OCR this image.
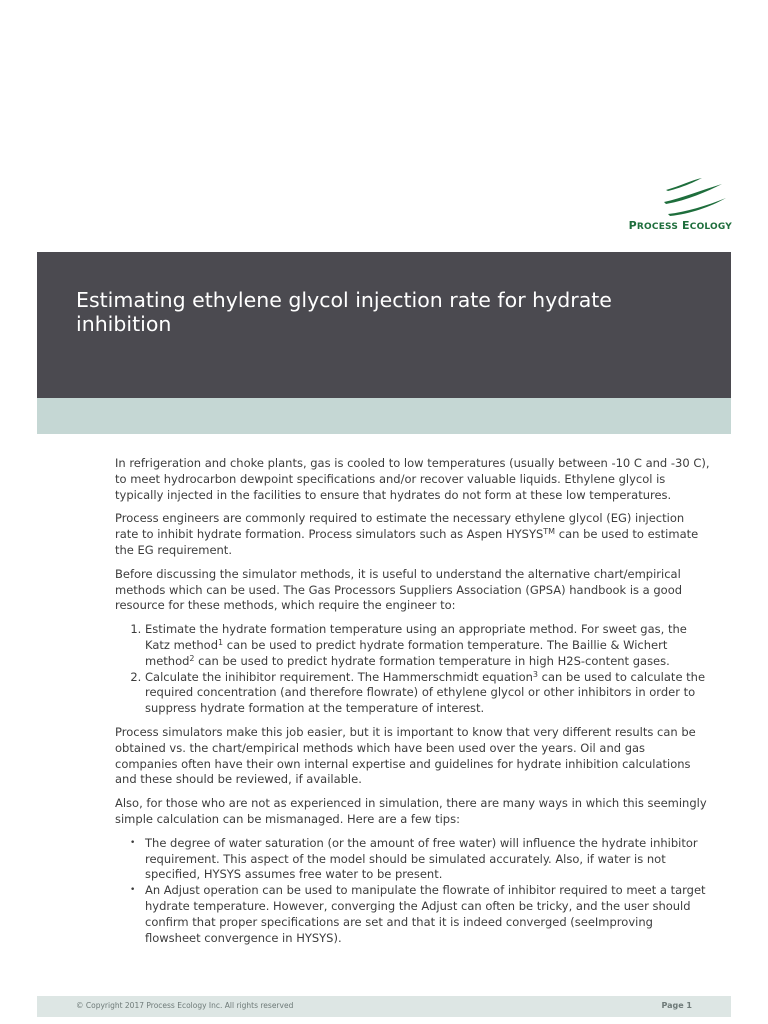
PROCESS ECOLOGY
Estimating ethylene glycol injection rate for hydrate inhibition

In refrigeration and choke plants, gas is cooled to low temperatures (usually between -10 C and -30 C), to meet hydrocarbon dewpoint specifications and/or recover valuable liquids. Ethylene glycol is typically injected in the facilities to ensure that hydrates do not form at these low temperatures.

Process engineers are commonly required to estimate the necessary ethylene glycol (EG) injection rate to inhibit hydrate formation. Process simulators such as Aspen HYSYS™ can be used to estimate the EG requirement.

Before discussing the simulator methods, it is useful to understand the alternative chart/empirical methods which can be used. The Gas Processors Suppliers Association (GPSA) handbook is a good resource for these methods, which require the engineer to:

1. Estimate the hydrate formation temperature using an appropriate method. For sweet gas, the Katz method$^1$ can be used to predict hydrate formation temperature. The Baillie & Wichert method$^2$ can be used to predict hydrate formation temperature in high H2S-content gases.
2. Calculate the inihibitor requirement. The Hammerschmidt equation$^3$ can be used to calculate the required concentration (and therefore flowrate) of ethylene glycol or other inhibitors in order to suppress hydrate formation at the temperature of interest.

Process simulators make this job easier, but it is important to know that very different results can be obtained vs. the chart/empirical methods which have been used over the years. Oil and gas companies often have their own internal expertise and guidelines for hydrate inhibition calculations and these should be reviewed, if available.

Also, for those who are not as experienced in simulation, there are many ways in which this seemingly simple calculation can be mismanaged. Here are a few tips:

• The degree of water saturation (or the amount of free water) will influence the hydrate inhibitor requirement. This aspect of the model should be simulated accurately. Also, if water is not specified, HYSYS assumes free water to be present.
• An Adjust operation can be used to manipulate the flowrate of inhibitor required to meet a target hydrate temperature. However, converging the Adjust can often be tricky, and the user should confirm that proper specifications are set and that it is indeed converged (seeImproving flowsheet convergence in HYSYS).
© Copyright 2017 Process Ecology Inc. All rights reserved	Page 1
